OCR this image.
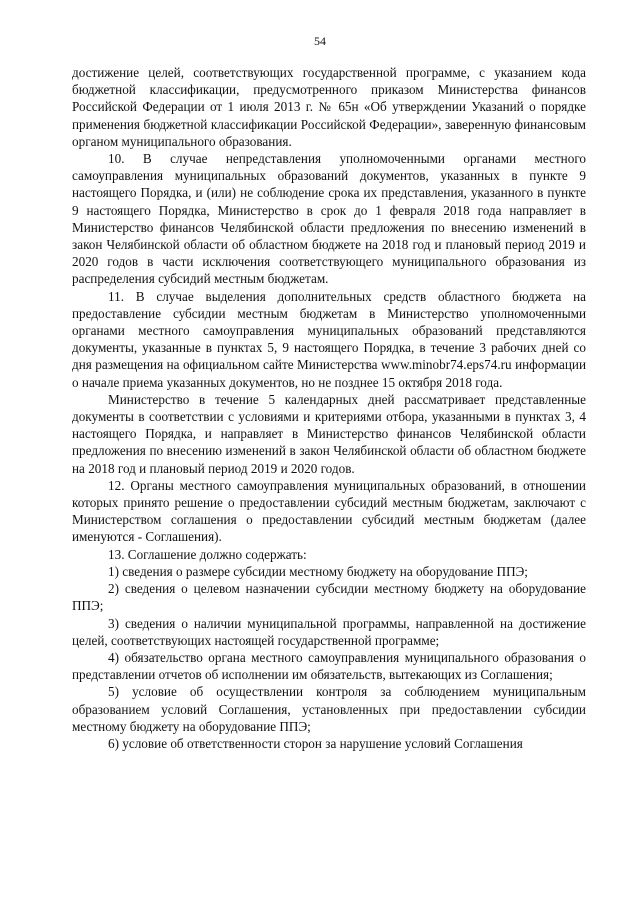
54

достижение целей, соответствующих государственной программе, с указанием кода бюджетной классификации, предусмотренного приказом Министерства финансов Российской Федерации от 1 июля 2013 г. № 65н «Об утверждении Указаний о порядке применения бюджетной классификации Российской Федерации», заверенную финансовым органом муниципального образования.

10. В случае непредставления уполномоченными органами местного самоуправления муниципальных образований документов, указанных в пункте 9 настоящего Порядка, и (или) не соблюдение срока их представления, указанного в пункте 9 настоящего Порядка, Министерство в срок до 1 февраля 2018 года направляет в Министерство финансов Челябинской области предложения по внесению изменений в закон Челябинской области об областном бюджете на 2018 год и плановый период 2019 и 2020 годов в части исключения соответствующего муниципального образования из распределения субсидий местным бюджетам.

11. В случае выделения дополнительных средств областного бюджета на предоставление субсидии местным бюджетам в Министерство уполномоченными органами местного самоуправления муниципальных образований представляются документы, указанные в пунктах 5, 9 настоящего Порядка, в течение 3 рабочих дней со дня размещения на официальном сайте Министерства www.minobr74.eps74.ru информации о начале приема указанных документов, но не позднее 15 октября 2018 года.

Министерство в течение 5 календарных дней рассматривает представленные документы в соответствии с условиями и критериями отбора, указанными в пунктах 3, 4 настоящего Порядка, и направляет в Министерство финансов Челябинской области предложения по внесению изменений в закон Челябинской области об областном бюджете на 2018 год и плановый период 2019 и 2020 годов.

12. Органы местного самоуправления муниципальных образований, в отношении которых принято решение о предоставлении субсидий местным бюджетам, заключают с Министерством соглашения о предоставлении субсидий местным бюджетам (далее именуются - Соглашения).

13. Соглашение должно содержать:

1) сведения о размере субсидии местному бюджету на оборудование ППЭ;

2) сведения о целевом назначении субсидии местному бюджету на оборудование ППЭ;

3) сведения о наличии муниципальной программы, направленной на достижение целей, соответствующих настоящей государственной программе;

4) обязательство органа местного самоуправления муниципального образования о представлении отчетов об исполнении им обязательств, вытекающих из Соглашения;

5) условие об осуществлении контроля за соблюдением муниципальным образованием условий Соглашения, установленных при предоставлении субсидии местному бюджету на оборудование ППЭ;

6) условие об ответственности сторон за нарушение условий Соглашения
